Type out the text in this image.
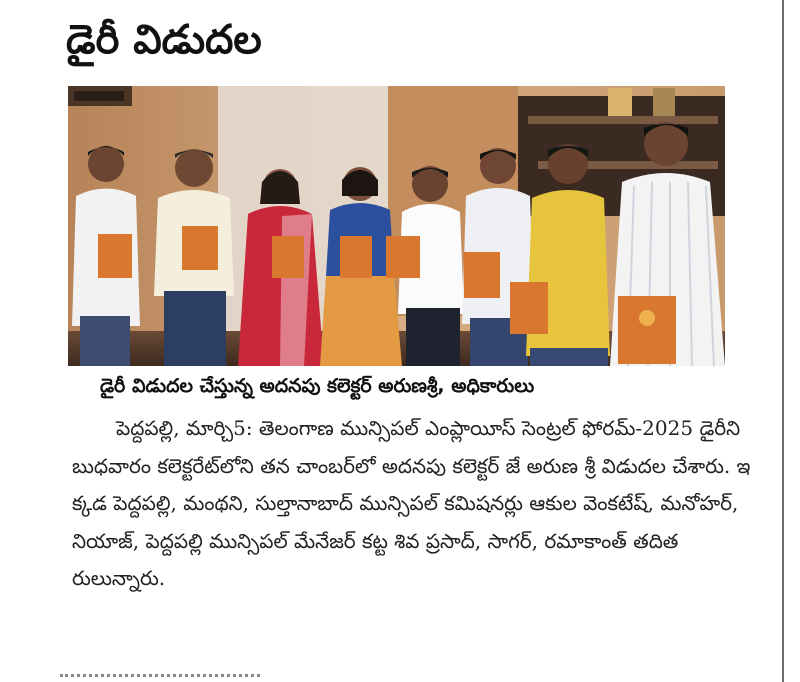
డైరీ విడుదల

డైరీ విడుదల చేస్తున్న అదనపు కలెక్టర్ అరుణశ్రీ, అధికారులు

పెద్దపల్లి, మార్చి5: తెలంగాణ మున్సిపల్ ఎంప్లాయీస్ సెంట్రల్ ఫోరమ్-2025 డైరీని బుధవారం కలెక్టరేట్‌లోని తన చాంబర్‌లో అదనపు కలెక్టర్ జే అరుణ శ్రీ విడుదల చేశారు. ఇక్కడ పెద్దపల్లి, మంథని, సుల్తానాబాద్ మున్సిపల్ కమిషనర్లు ఆకుల వెంకటేష్, మనోహర్, నియాజ్, పెద్దపల్లి మున్సిపల్ మేనేజర్ కట్ట శివ ప్రసాద్, సాగర్, రమాకాంత్ తదితరులున్నారు.
